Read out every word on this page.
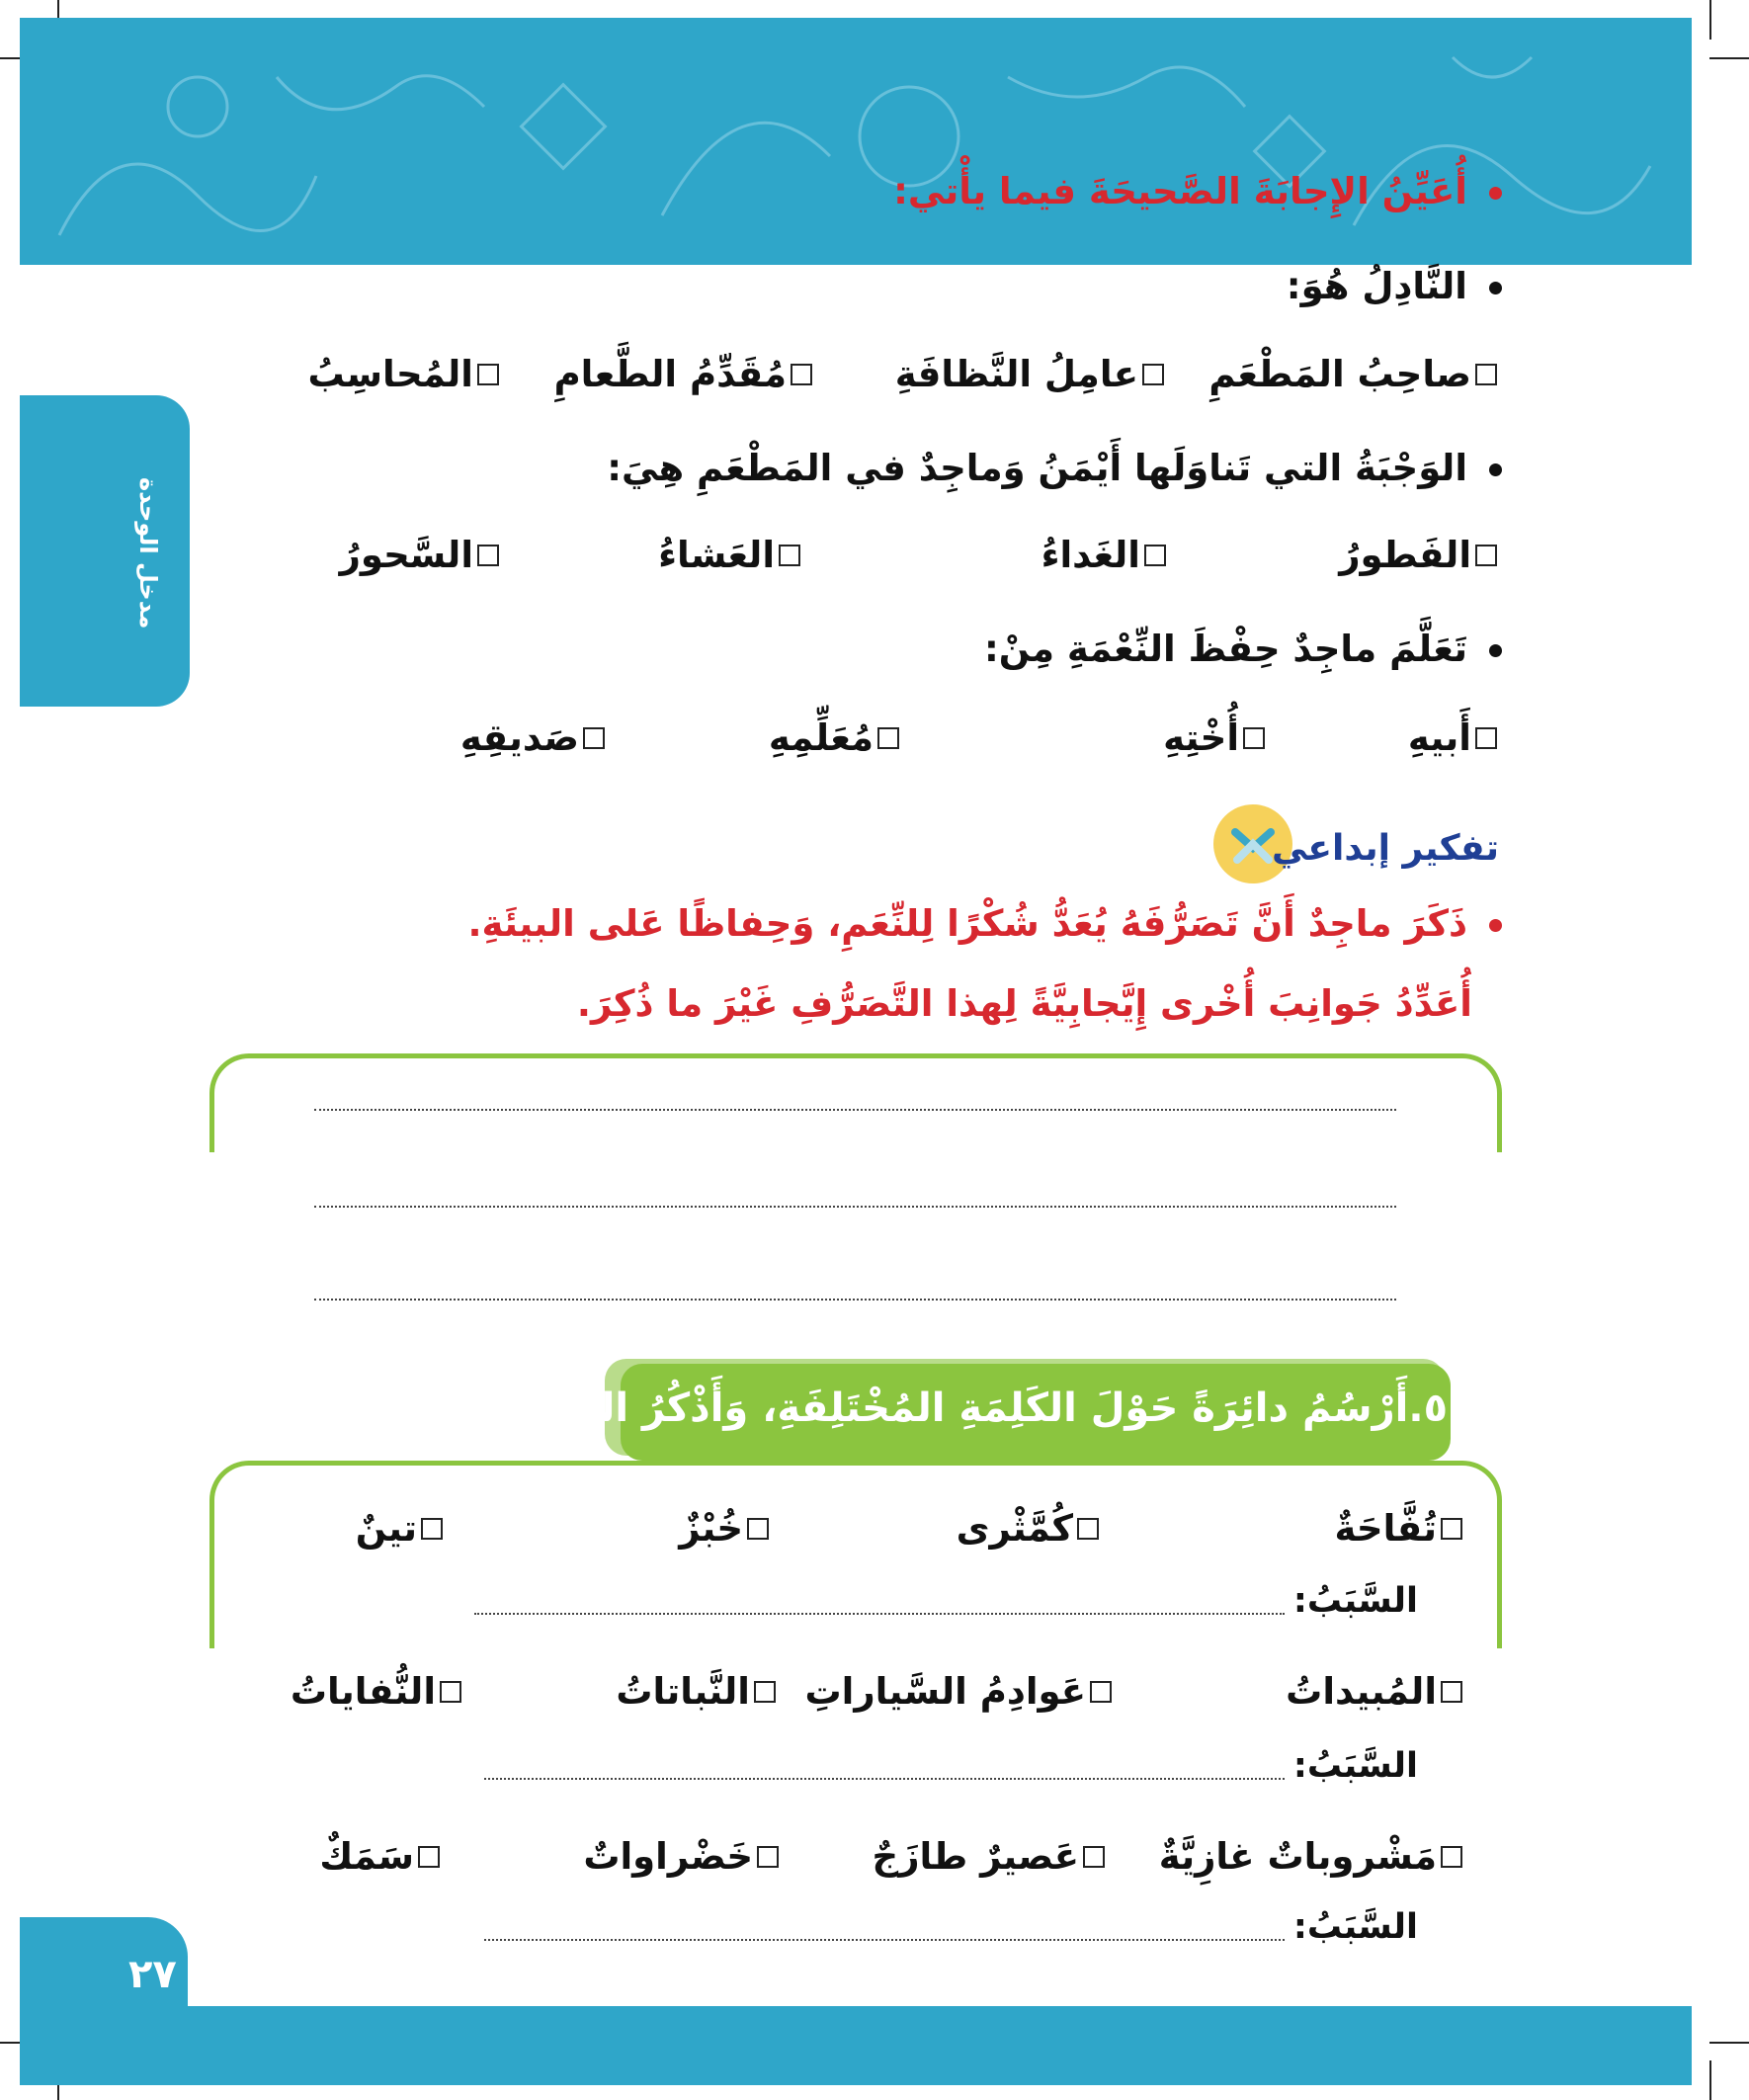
مدخل الوحدة
أُعَيِّنُ الإِجابَةَ الصَّحيحَةَ فيما يأْتي:
النَّادِلُ هُوَ:
صاحِبُ المَطْعَمِ
عامِلُ النَّظافَةِ
مُقَدِّمُ الطَّعامِ
المُحاسِبُ
الوَجْبَةُ التي تَناوَلَها أَيْمَنُ وَماجِدٌ في المَطْعَمِ هِيَ:
الفَطورُ
الغَداءُ
العَشاءُ
السَّحورُ
تَعَلَّمَ ماجِدٌ حِفْظَ النِّعْمَةِ مِنْ:
أَبيهِ
أُخْتِهِ
مُعَلِّمِهِ
صَديقِهِ
تفكير إبداعي
ذَكَرَ ماجِدٌ أَنَّ تَصَرُّفَهُ يُعَدُّ شُكْرًا لِلنِّعَمِ، وَحِفاظًا عَلى البيئَةِ.
أُعَدِّدُ جَوانِبَ أُخْرى إِيَّجابِيَّةً لِهذا التَّصَرُّفِ غَيْرَ ما ذُكِرَ.
٥.أَرْسُمُ دائِرَةً حَوْلَ الكَلِمَةِ المُخْتَلِفَةِ، وَأَذْكُرُ السَّبَبَ:
تُفَّاحَةٌ
كُمَّثْرى
خُبْزٌ
تينٌ
السَّبَبُ:
المُبيداتُ
عَوادِمُ السَّياراتِ
النَّباتاتُ
النُّفاياتُ
السَّبَبُ:
مَشْروباتٌ غازِيَّةٌ
عَصيرٌ طازَجٌ
خَضْراواتٌ
سَمَكٌ
السَّبَبُ:
٢٧
